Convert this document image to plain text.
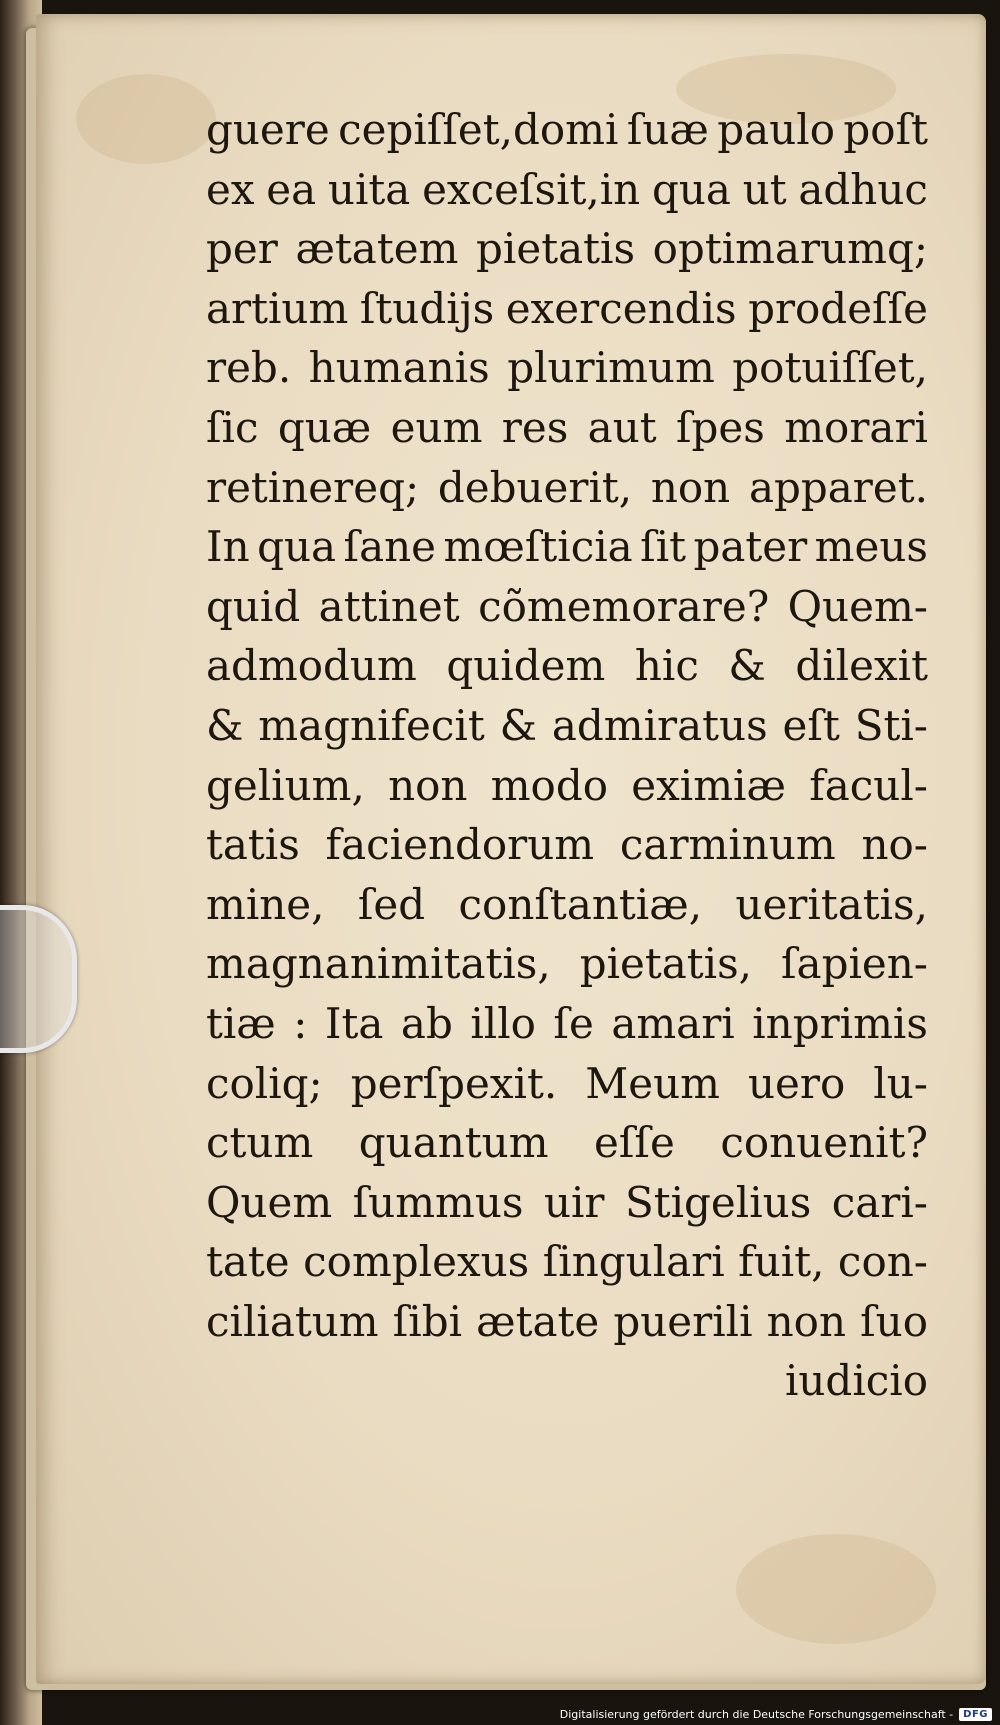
guere cepiſſet,domi ſuæ paulo poſt
ex ea uita exceſsit,in qua ut adhuc
per ætatem pietatis optimarumq;
artium ſtudijs exercendis prodeſſe
reb. humanis plurimum potuiſſet,
ſic quæ eum res aut ſpes morari
retinereq; debuerit, non apparet.
In qua ſane mœſticia ſit pater meus
quid attinet cõmemorare? Quem-
admodum quidem hic & dilexit
& magnifecit & admiratus eſt Sti-
gelium, non modo eximiæ facul-
tatis faciendorum carminum no-
mine, ſed conſtantiæ, ueritatis,
magnanimitatis, pietatis, ſapien-
tiæ : Ita ab illo ſe amari inprimis
coliq; perſpexit. Meum uero lu-
ctum quantum eſſe conuenit?
Quem ſummus uir Stigelius cari-
tate complexus ſingulari fuit, con-
ciliatum ſibi ætate puerili non ſuo
iudicio
Digitalisierung gefördert durch die Deutsche Forschungsgemeinschaft -	DFG
